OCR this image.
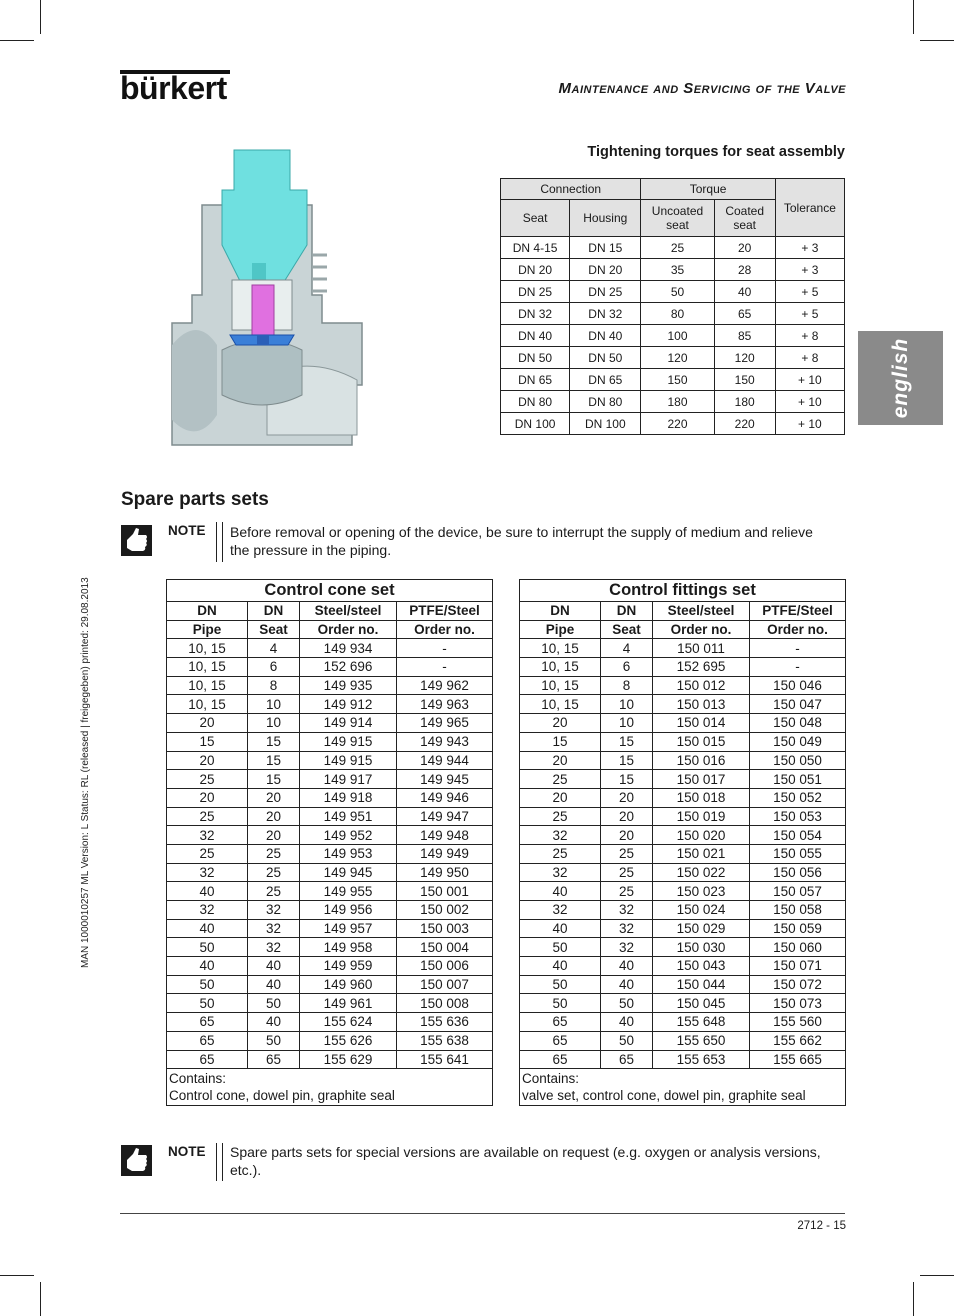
bürkert	Maintenance and Servicing of the Valve
english
MAN 1000010257 ML Version: L Status: RL (released | freigegeben) printed: 29.08.2013
Tightening torques for seat assembly
Connection		Torque		Tolerance
Seat	Housing	Uncoated seat	Coated seat	
DN 4-15	DN 15	25	20	+ 3
DN 20	DN 20	35	28	+ 3
DN 25	DN 25	50	40	+ 5
DN 32	DN 32	80	65	+ 5
DN 40	DN 40	100	85	+ 8
DN 50	DN 50	120	120	+ 8
DN 65	DN 65	150	150	+ 10
DN 80	DN 80	180	180	+ 10
DN 100	DN 100	220	220	+ 10
Spare parts sets
NOTE Before removal or opening of the device, be sure to interrupt the supply of medium and relieve the pressure in the piping.
Control cone set			
DN	DN	Steel/steel	PTFE/Steel
Pipe	Seat	Order no.	Order no.
10, 15	4	149 934	-
10, 15	6	152 696	-
10, 15	8	149 935	149 962
10, 15	10	149 912	149 963
20	10	149 914	149 965
15	15	149 915	149 943
20	15	149 915	149 944
25	15	149 917	149 945
20	20	149 918	149 946
25	20	149 951	149 947
32	20	149 952	149 948
25	25	149 953	149 949
32	25	149 945	149 950
40	25	149 955	150 001
32	32	149 956	150 002
40	32	149 957	150 003
50	32	149 958	150 004
40	40	149 959	150 006
50	40	149 960	150 007
50	50	149 961	150 008
65	40	155 624	155 636
65	50	155 626	155 638
65	65	155 629	155 641
Contains:			
Control cone, dowel pin, graphite seal			
Control fittings set			
DN	DN	Steel/steel	PTFE/Steel
Pipe	Seat	Order no.	Order no.
10, 15	4	150 011	-
10, 15	6	152 695	-
10, 15	8	150 012	150 046
10, 15	10	150 013	150 047
20	10	150 014	150 048
15	15	150 015	150 049
20	15	150 016	150 050
25	15	150 017	150 051
20	20	150 018	150 052
25	20	150 019	150 053
32	20	150 020	150 054
25	25	150 021	150 055
32	25	150 022	150 056
40	25	150 023	150 057
32	32	150 024	150 058
40	32	150 029	150 059
50	32	150 030	150 060
40	40	150 043	150 071
50	40	150 044	150 072
50	50	150 045	150 073
65	40	155 648	155 560
65	50	155 650	155 662
65	65	155 653	155 665
Contains:			
valve set, control cone, dowel pin, graphite seal			
NOTE Spare parts sets for special versions are available on request (e.g. oxygen or analysis versions, etc.).
2712 - 15
